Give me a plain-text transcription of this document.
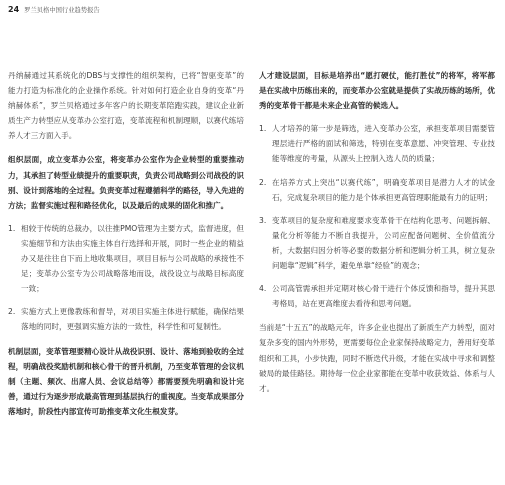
24 罗兰贝格中国行业趋势报告

丹纳赫通过其系统化的DBS与支撑性的组织架构，已将“智驱变革”的能力打造为标准化的企业操作系统。针对如何打造企业自身的变革“丹纳赫体系”，罗兰贝格通过多年客户的长期变革陪跑实践，建议企业新质生产力转型应从变革办公室打造，变革流程和机制理顺，以赛代练培养人才三方面入手。

组织层面，成立变革办公室，将变革办公室作为企业转型的重要推动力，其承担了转型业绩提升的重要职责，负责公司战略到公司战役的识别、设计到落地的全过程。负责变革过程遵循科学的路径，导入先进的方法；监督实施过程和路径优化，以及最后的成果的固化和推广。

1. 相较于传统的总裁办，以往推PMO管理为主要方式，监督进度，但实施细节和方法由实施主体自行选择和开展，同时一些企业的精益办又是往往自下而上地收集项目，项目目标与公司战略的承接性不足；变革办公室专为公司战略落地而设，战役设立与战略目标高度一致；
2. 实施方式上更像教练和督导，对项目实施主体进行赋能，确保结果落地的同时，更强调实施方法的一致性，科学性和可复制性。

机制层面，变革管理要精心设计从战役识别、设计、落地到验收的全过程，明确战役奖励机制和核心骨干的晋升机制，乃至变革管理的会议机制（主题、频次、出席人员、会议总结等）都需要预先明确和设计完善，通过行为逐步形成最高管理到基层执行的重视度。当变革成果部分落地时，阶段性内部宣传可助推变革文化生根发芽。

人才建设层面，目标是培养出“愿打硬仗，能打胜仗”的将军，将军都是在实战中历练出来的，而变革办公室就是提供了实战历练的场所，优秀的变革骨干都是未来企业高管的候选人。

1. 人才培养的第一步是筛选，进入变革办公室，承担变革项目需要管理层进行严格的面试和筛选，特别在变革意愿、冲突管理、专业技能等维度的考量，从源头上控制入选人员的质量；
2. 在培养方式上突出“以赛代练”，明确变革项目是潜力人才的试金石，完成复杂项目的能力是个体承担更高管理职能最有力的证明；
3. 变革项目的复杂度和难度要求变革骨干在结构化思考、问题拆解、量化分析等能力不断自我提升，公司应配备问题树、全价值流分析，大数据归因分析等必要的数据分析和逻辑分析工具，树立复杂问题靠“逻辑”科学，避免单靠“经验”的观念；
4. 公司高管需承担并定期对核心骨干进行个体反馈和指导，提升其思考格局，站在更高维度去看待和思考问题。

当前是“十五五”的战略元年，许多企业也提出了新质生产力转型，面对复杂多变的国内外形势，更需要每位企业家保持战略定力，善用好变革组织和工具，小步快跑，同时不断迭代升级，才能在实战中寻求和调整破局的最佳路径。期待每一位企业家都能在变革中收获效益、体系与人才。
